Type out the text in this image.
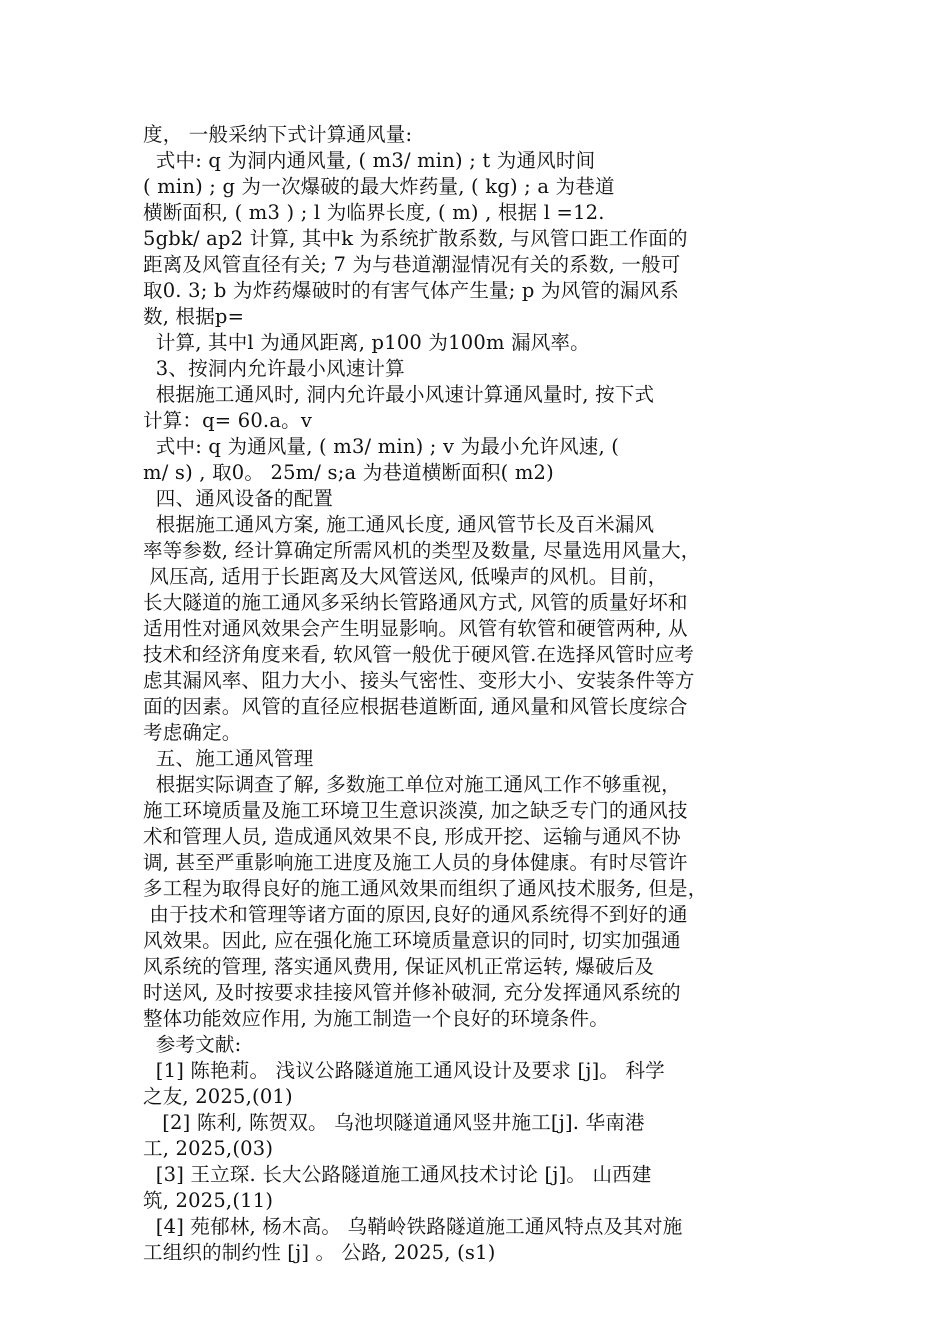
度， 一般采纳下式计算通风量:
式中: q 为洞内通风量, ( m3/ min) ; t 为通风时间
( min) ; g 为一次爆破的最大炸药量, ( kg) ; a 为巷道
横断面积, ( m3 ) ; l 为临界长度, ( m) , 根据 l =12.
5gbk/ ap2 计算, 其中k 为系统扩散系数, 与风管口距工作面的
距离及风管直径有关; 7 为与巷道潮湿情况有关的系数, 一般可
取0. 3; b 为炸药爆破时的有害气体产生量; p 为风管的漏风系
数, 根据p=
计算, 其中l 为通风距离, p100 为100m 漏风率。
3、按洞内允许最小风速计算
根据施工通风时, 洞内允许最小风速计算通风量时, 按下式
计算：q= 60.a。v
式中: q 为通风量, ( m3/ min) ; v 为最小允许风速, (
m/ s) , 取0。 25m/ s;a 为巷道横断面积( m2)
四、通风设备的配置
根据施工通风方案, 施工通风长度, 通风管节长及百米漏风
率等参数, 经计算确定所需风机的类型及数量, 尽量选用风量大，
风压高, 适用于长距离及大风管送风, 低噪声的风机。目前，
长大隧道的施工通风多采纳长管路通风方式, 风管的质量好坏和
适用性对通风效果会产生明显影响。风管有软管和硬管两种, 从
技术和经济角度来看, 软风管一般优于硬风管.在选择风管时应考
虑其漏风率、阻力大小、接头气密性、变形大小、安装条件等方
面的因素。风管的直径应根据巷道断面, 通风量和风管长度综合
考虑确定。
五、施工通风管理
根据实际调查了解, 多数施工单位对施工通风工作不够重视，
施工环境质量及施工环境卫生意识淡漠, 加之缺乏专门的通风技
术和管理人员, 造成通风效果不良, 形成开挖、运输与通风不协
调, 甚至严重影响施工进度及施工人员的身体健康。有时尽管许
多工程为取得良好的施工通风效果而组织了通风技术服务, 但是，
由于技术和管理等诸方面的原因,良好的通风系统得不到好的通
风效果。因此, 应在强化施工环境质量意识的同时, 切实加强通
风系统的管理, 落实通风费用, 保证风机正常运转, 爆破后及
时送风, 及时按要求挂接风管并修补破洞, 充分发挥通风系统的
整体功能效应作用, 为施工制造一个良好的环境条件。
参考文献:
[1] 陈艳莉。 浅议公路隧道施工通风设计及要求 [j]。 科学
之友, 2025,(01)
[2] 陈利, 陈贺双。 乌池坝隧道通风竖井施工[j]. 华南港
工, 2025,(03)
[3] 王立琛. 长大公路隧道施工通风技术讨论 [j]。 山西建
筑, 2025,(11)
[4] 苑郁林, 杨木高。 乌鞘岭铁路隧道施工通风特点及其对施
工组织的制约性 [j] 。 公路, 2025, (s1)
